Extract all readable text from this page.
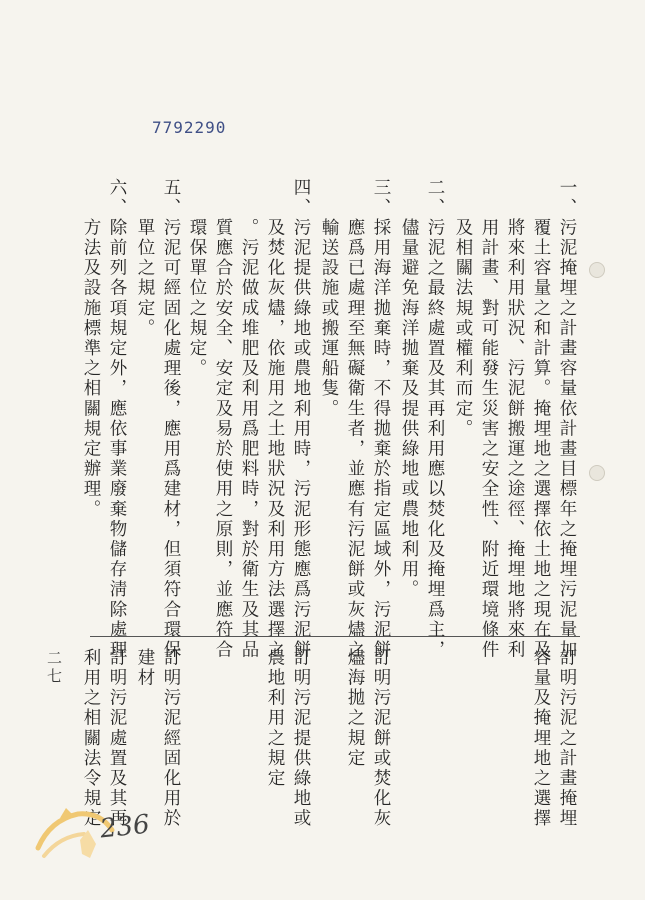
7792290
一、
污泥掩埋之計畫容量依計畫目標年之掩埋污泥量加
覆土容量之和計算。掩埋地之選擇依土地之現在及
將來利用狀況、污泥餅搬運之途徑、掩埋地將來利
用計畫、對可能發生災害之安全性、附近環境條件
及相關法規或權利而定。
二、
污泥之最終處置及其再利用應以焚化及掩埋爲主，
儘量避免海洋拋棄及提供綠地或農地利用。
三、
採用海洋拋棄時，不得拋棄於指定區域外，污泥餅
應爲已處理至無礙衛生者，並應有污泥餅或灰燼之
輸送設施或搬運船隻。
四、
污泥提供綠地或農地利用時，污泥形態應爲污泥餅
及焚化灰燼，依施用之土地狀況及利用方法選擇之
。污泥做成堆肥及利用爲肥料時，對於衛生及其品
質應合於安全、安定及易於使用之原則，並應符合
環保單位之規定。
五、
污泥可經固化處理後，應用爲建材，但須符合環保
單位之規定。
六、
除前列各項規定外，應依事業廢棄物儲存淸除處理
方法及設施標準之相關規定辦理。
訂明污泥之計畫掩埋
容量及掩埋地之選擇
訂明污泥餅或焚化灰
燼海拋之規定
訂明污泥提供綠地或
農地利用之規定
訂明污泥經固化用於
建材
訂明污泥處置及其再
利用之相關法令規定
二七
236
